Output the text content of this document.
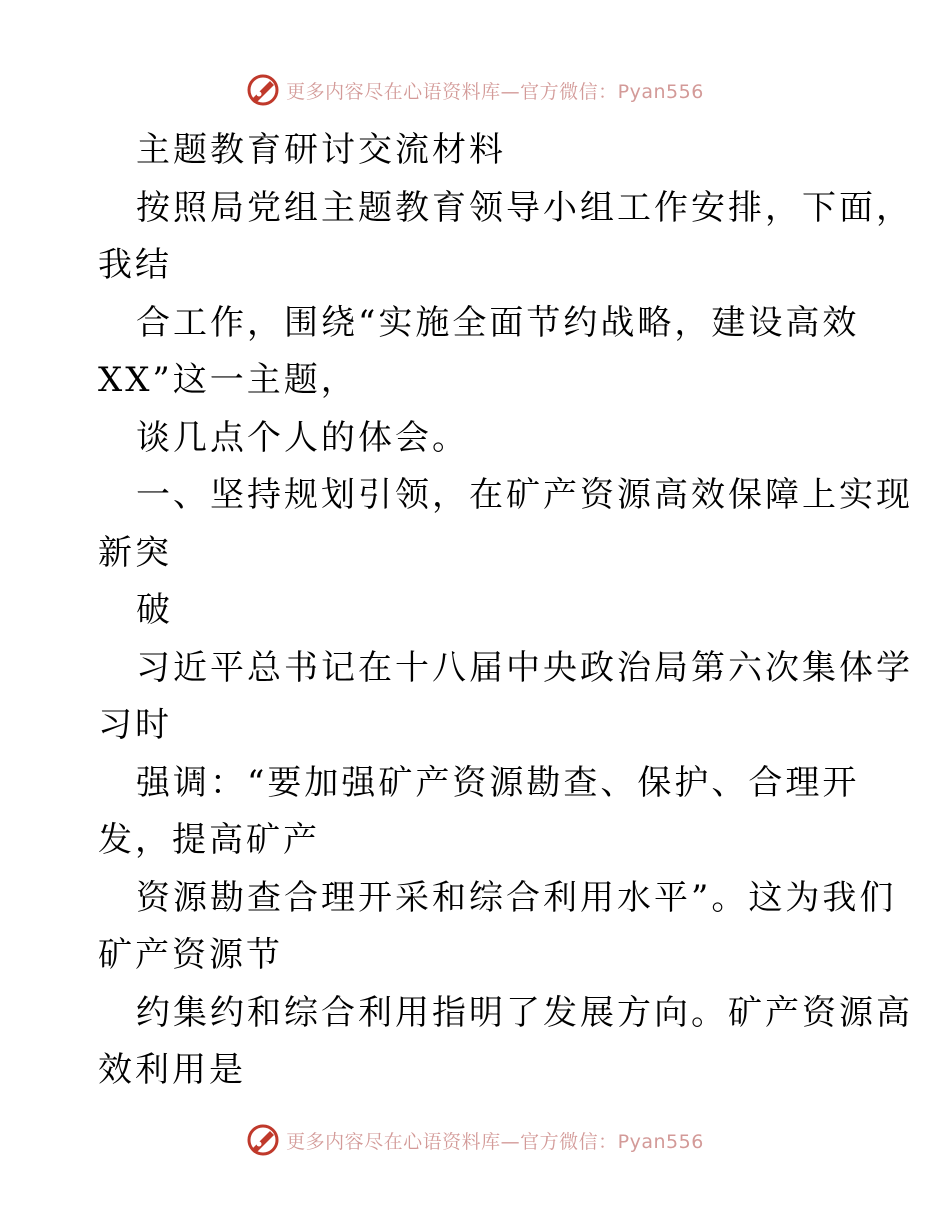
更多内容尽在心语资料库—官方微信：Pyan556
主题教育研讨交流材料
按照局党组主题教育领导小组工作安排，下面，
我结
合工作，围绕“实施全面节约战略，建设高效
XX”这一主题，
谈几点个人的体会。
一、坚持规划引领，在矿产资源高效保障上实现
新突
破
习近平总书记在十八届中央政治局第六次集体学
习时
强调：“要加强矿产资源勘查、保护、合理开
发，提高矿产
资源勘查合理开采和综合利用水平”。这为我们
矿产资源节
约集约和综合利用指明了发展方向。矿产资源高
效利用是
更多内容尽在心语资料库—官方微信：Pyan556
